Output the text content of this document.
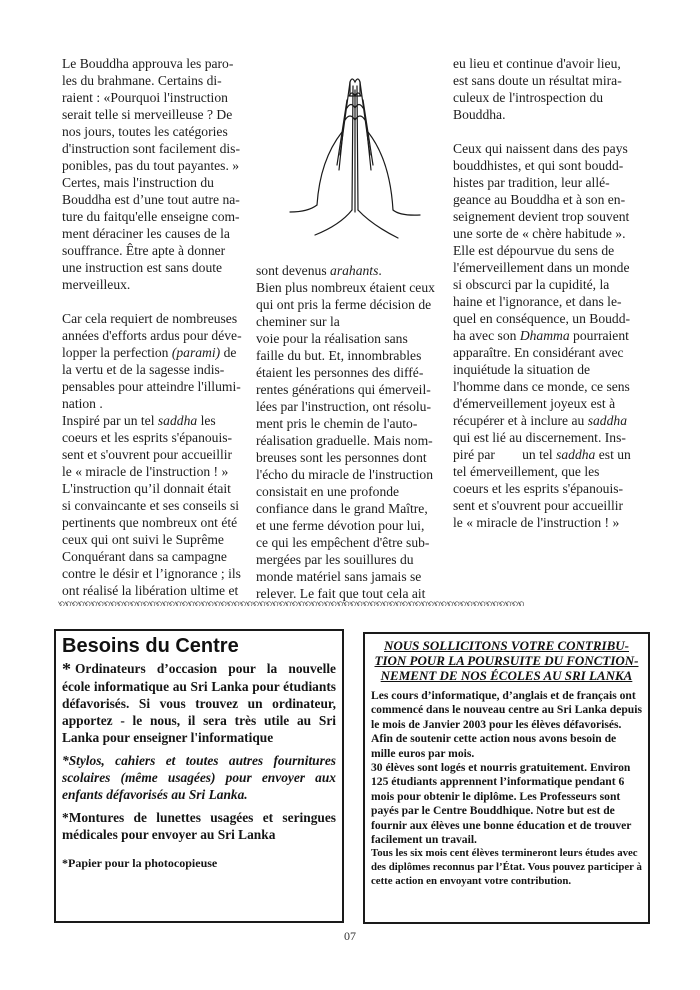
Le Bouddha approuva les paro-

les du brahmane. Certains di-

raient : «Pourquoi l'instruction

serait telle si merveilleuse ? De

nos jours, toutes les catégories

d'instruction sont facilement dis-

ponibles, pas du tout payantes. »

Certes, mais l'instruction du

Bouddha est d’une tout autre na-

ture du faitqu'elle enseigne com-

ment déraciner les causes de la

souffrance. Être apte à donner

une instruction est sans doute

merveilleux.

Car cela requiert de nombreuses

années d'efforts ardus pour déve-

lopper la perfection (parami) de

la vertu et de la sagesse indis-

pensables pour atteindre l'illumi-

nation .

Inspiré par un tel saddha les

coeurs et les esprits s'épanouis-

sent et s'ouvrent pour accueillir

le « miracle de l'instruction ! »

L'instruction qu’il donnait était

si convaincante et ses conseils si

pertinents que nombreux ont été

ceux qui ont suivi le Suprême

Conquérant dans sa campagne

contre le désir et l’ignorance ; ils

ont réalisé la libération ultime et

sont devenus arahants.

Bien plus nombreux étaient ceux

qui ont pris la ferme décision de

cheminer sur la

voie pour la réalisation sans

faille du but. Et, innombrables

étaient les personnes des diffé-

rentes générations qui émerveil-

lées par l'instruction, ont résolu-

ment pris le chemin de l'auto-

réalisation graduelle. Mais nom-

breuses sont les personnes dont

l'écho du miracle de l'instruction

consistait en une profonde

confiance dans le grand Maître,

et une ferme dévotion pour lui,

ce qui les empêchent d'être sub-

mergées par les souillures du

monde matériel sans jamais se

relever. Le fait que tout cela ait

eu lieu et continue d'avoir lieu,

est sans doute un résultat mira-

culeux de l'introspection du

Bouddha.

Ceux qui naissent dans des pays

bouddhistes, et qui sont boudd-

histes par tradition, leur allé-

geance au Bouddha et à son en-

seignement devient trop souvent

une sorte de « chère habitude ».

Elle est dépourvue du sens de

l'émerveillement dans un monde

si obscurci par la cupidité, la

haine et l'ignorance, et dans le-

quel en conséquence, un Boudd-

ha avec son Dhamma pourraient

apparaître. En considérant avec

inquiétude la situation de

l'homme dans ce monde, ce sens

d'émerveillement joyeux est à

récupérer et à inclure au saddha

qui est lié au discernement. Ins-

piré par        un tel saddha est un

tel émerveillement, que les

coeurs et les esprits s'épanouis-

sent et s'ouvrent pour accueillir

le « miracle de l'instruction ! »

ꩫꩫꩫꩫꩫꩫꩫꩫꩫꩫꩫꩫꩫꩫꩫꩫꩫꩫꩫꩫꩫꩫꩫꩫꩫꩫꩫꩫꩫꩫꩫꩫꩫꩫꩫꩫꩫꩫꩫꩫꩫꩫꩫꩫꩫꩫꩫꩫꩫꩫꩫꩫꩫꩫꩫꩫꩫꩫꩫꩫꩫꩫꩫꩫꩫꩫꩫꩫꩫꩫꩫꩫ
Besoins du Centre

* Ordinateurs d’occasion pour la nouvelle école informatique au Sri Lanka pour étudiants défavorisés. Si vous trouvez un ordinateur, apportez - le nous, il sera très utile au Sri Lanka pour enseigner l'informatique

*Stylos, cahiers et toutes autres fournitures scolaires (même usagées) pour envoyer aux enfants défavorisés au Sri Lanka.

*Montures de lunettes usagées et seringues médicales pour envoyer au Sri Lanka

*Papier pour la photocopieuse

NOUS SOLLICITONS VOTRE CONTRIBU-
TION POUR LA POURSUITE DU FONCTION-
NEMENT DE NOS ÉCOLES AU SRI LANKA

Les cours d’informatique, d’anglais et de français ont commencé dans le nouveau centre au Sri Lanka depuis le mois de Janvier 2003 pour les élèves défavorisés. Afin de soutenir cette action nous avons besoin de mille euros par mois.

30 élèves sont logés et nourris gratuitement. Environ 125 étudiants apprennent l’informatique pendant 6 mois pour obtenir le diplôme. Les Professeurs sont payés par le Centre Bouddhique. Notre but est de fournir aux élèves une bonne éducation et de trouver facilement un travail.

Tous les six mois cent élèves termineront leurs études avec des diplômes reconnus par l’État. Vous pouvez participer à cette action en envoyant votre contribution.

07
